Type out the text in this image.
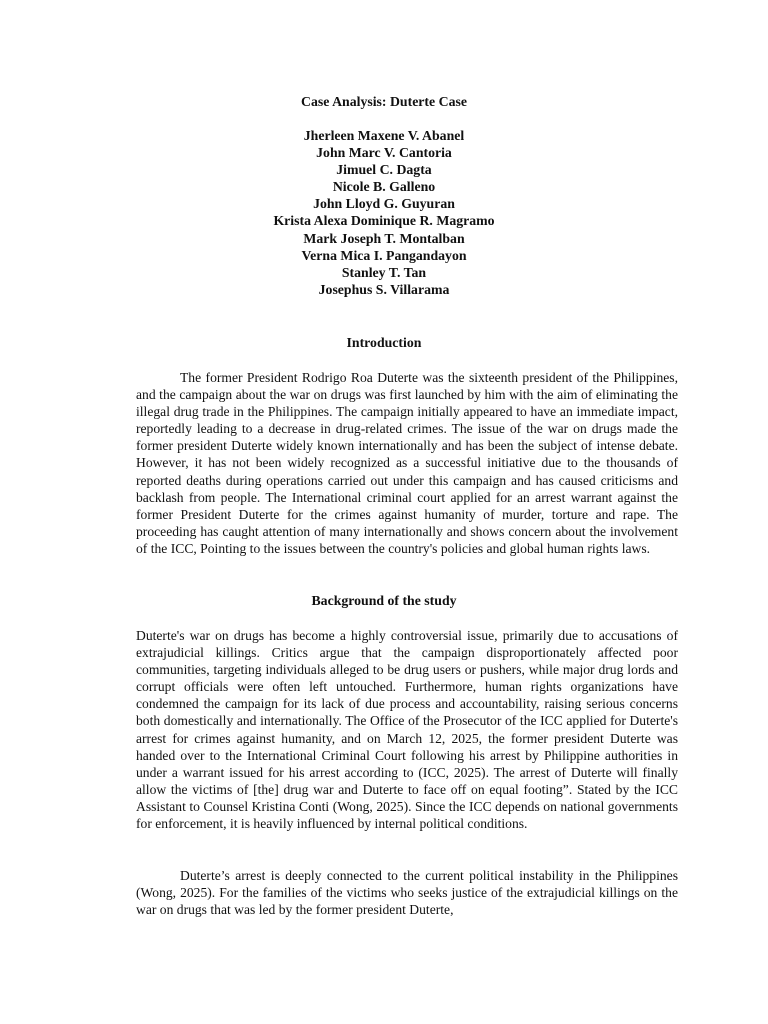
Case Analysis: Duterte Case
Jherleen Maxene V. Abanel
John Marc V. Cantoria
Jimuel C. Dagta
Nicole B. Galleno
John Lloyd G. Guyuran
Krista Alexa Dominique R. Magramo
Mark Joseph T. Montalban
Verna Mica I. Pangandayon
Stanley T. Tan
Josephus S. Villarama
Introduction

The former President Rodrigo Roa Duterte was the sixteenth president of the Philippines, and the campaign about the war on drugs was first launched by him with the aim of eliminating the illegal drug trade in the Philippines. The campaign initially appeared to have an immediate impact, reportedly leading to a decrease in drug-related crimes. The issue of the war on drugs made the former president Duterte widely known internationally and has been the subject of intense debate. However, it has not been widely recognized as a successful initiative due to the thousands of reported deaths during operations carried out under this campaign and has caused criticisms and backlash from people. The International criminal court applied for an arrest warrant against the former President Duterte for the crimes against humanity of murder, torture and rape. The proceeding has caught attention of many internationally and shows concern about the involvement of the ICC, Pointing to the issues between the country's policies and global human rights laws.

Background of the study

Duterte's war on drugs has become a highly controversial issue, primarily due to accusations of extrajudicial killings. Critics argue that the campaign disproportionately affected poor communities, targeting individuals alleged to be drug users or pushers, while major drug lords and corrupt officials were often left untouched. Furthermore, human rights organizations have condemned the campaign for its lack of due process and accountability, raising serious concerns both domestically and internationally. The Office of the Prosecutor of the ICC applied for Duterte's arrest for crimes against humanity, and on March 12, 2025, the former president Duterte was handed over to the International Criminal Court following his arrest by Philippine authorities in under a warrant issued for his arrest according to (ICC, 2025). The arrest of Duterte will finally allow the victims of [the] drug war and Duterte to face off on equal footing”. Stated by the ICC Assistant to Counsel Kristina Conti (Wong, 2025). Since the ICC depends on national governments for enforcement, it is heavily influenced by internal political conditions.

Duterte’s arrest is deeply connected to the current political instability in the Philippines (Wong, 2025). For the families of the victims who seeks justice of the extrajudicial killings on the war on drugs that was led by the former president Duterte,
